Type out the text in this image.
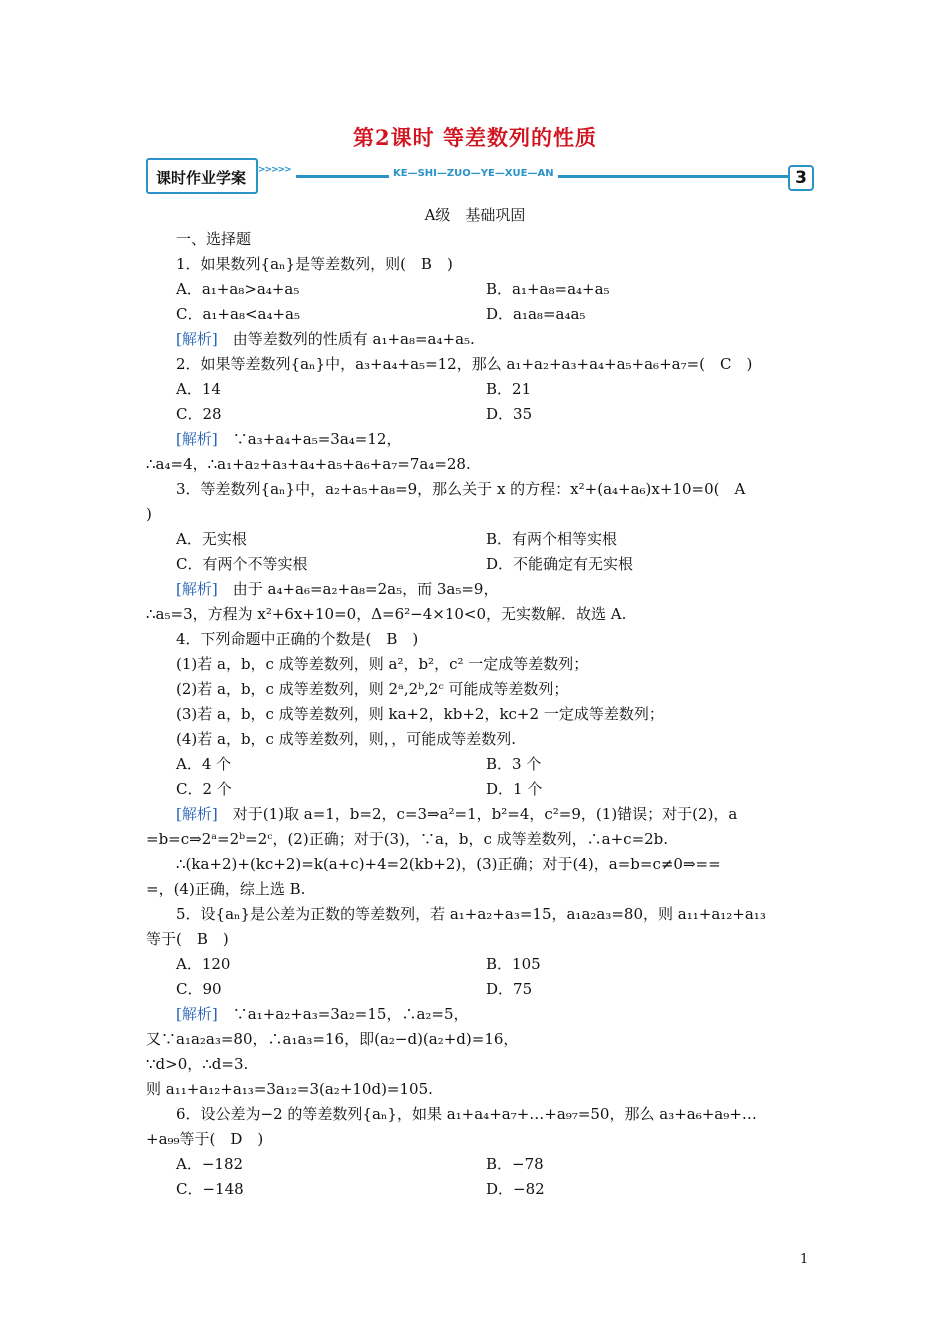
第2课时 等差数列的性质
课时作业学案 >>>>>	KE—SHI—ZUO—YE—XUE—AN	3
A级　基础巩固
一、选择题
1．如果数列{aₙ}是等差数列，则(　B　)
A．a₁+a₈>a₄+a₅	B．a₁+a₈=a₄+a₅
C．a₁+a₈<a₄+a₅	D．a₁a₈=a₄a₅
[解析]　 由等差数列的性质有 a₁+a₈=a₄+a₅.
2．如果等差数列{aₙ}中，a₃+a₄+a₅=12，那么 a₁+a₂+a₃+a₄+a₅+a₆+a₇=(　C　)
A．14	B．21
C．28	D．35
[解析]　 ∵a₃+a₄+a₅=3a₄=12，
∴a₄=4，∴a₁+a₂+a₃+a₄+a₅+a₆+a₇=7a₄=28.
3．等差数列{aₙ}中，a₂+a₅+a₈=9，那么关于 x 的方程：x²+(a₄+a₆)x+10=0(　A
)
A．无实根	B．有两个相等实根
C．有两个不等实根	D．不能确定有无实根
[解析]　 由于 a₄+a₆=a₂+a₈=2a₅，而 3a₅=9，
∴a₅=3，方程为 x²+6x+10=0，Δ=6²−4×10<0，无实数解．故选 A.
4．下列命题中正确的个数是(　B　)
(1)若 a，b，c 成等差数列，则 a²，b²，c² 一定成等差数列；
(2)若 a，b，c 成等差数列，则 2ᵃ,2ᵇ,2ᶜ 可能成等差数列；
(3)若 a，b，c 成等差数列，则 ka+2，kb+2，kc+2 一定成等差数列；
(4)若 a，b，c 成等差数列，则，，可能成等差数列.
A．4 个	B．3 个
C．2 个	D．1 个
[解析]　 对于(1)取 a=1，b=2，c=3⇒a²=1，b²=4，c²=9，(1)错误；对于(2)，a
=b=c⇒2ᵃ=2ᵇ=2ᶜ，(2)正确；对于(3)，∵a，b，c 成等差数列，∴a+c=2b.
∴(ka+2)+(kc+2)=k(a+c)+4=2(kb+2)，(3)正确；对于(4)，a=b=c≠0⇒==
=，(4)正确，综上选 B.
5．设{aₙ}是公差为正数的等差数列，若 a₁+a₂+a₃=15，a₁a₂a₃=80，则 a₁₁+a₁₂+a₁₃
等于(　B　)
A．120	B．105
C．90	D．75
[解析]　 ∵a₁+a₂+a₃=3a₂=15，∴a₂=5，
又∵a₁a₂a₃=80，∴a₁a₃=16，即(a₂−d)(a₂+d)=16，
∵d>0，∴d=3.
则 a₁₁+a₁₂+a₁₃=3a₁₂=3(a₂+10d)=105.
6．设公差为−2 的等差数列{aₙ}，如果 a₁+a₄+a₇+…+a₉₇=50，那么 a₃+a₆+a₉+…
+a₉₉等于(　D　)
A．−182	B．−78
C．−148	D．−82
1
